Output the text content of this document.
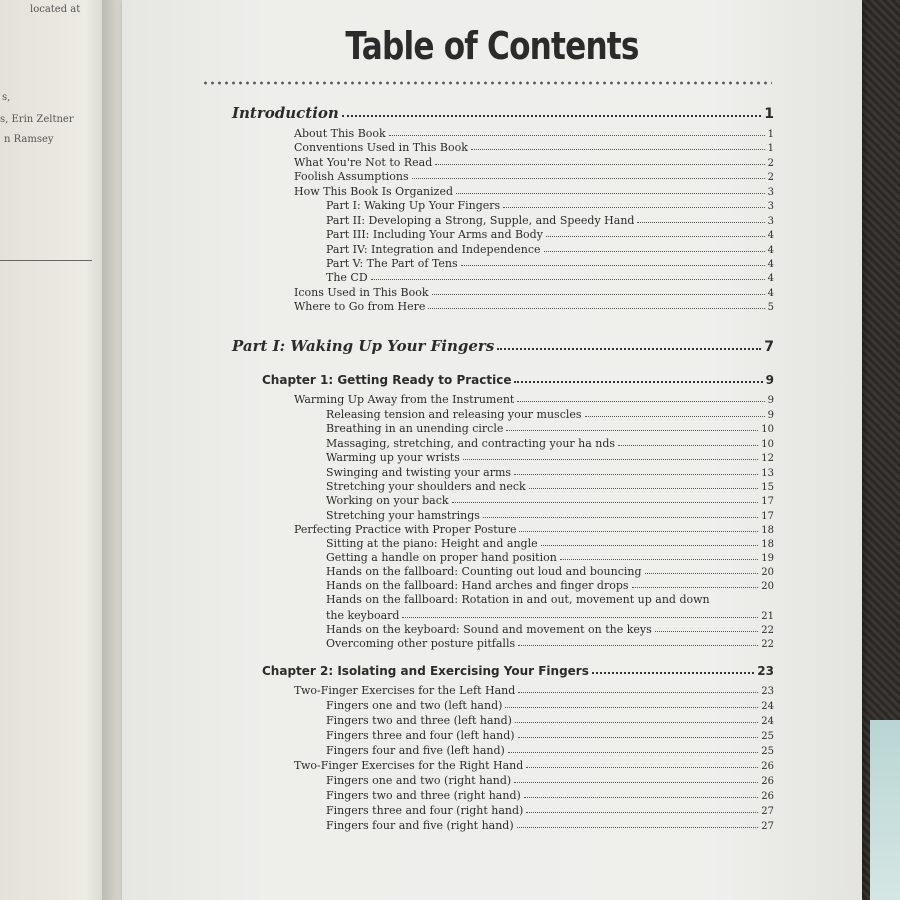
located at
s,
s, Erin Zeltner
n Ramsey
Table of Contents
Introduction	1
About This Book	1
Conventions Used in This Book	1
What You're Not to Read	2
Foolish Assumptions	2
How This Book Is Organized	3
Part I: Waking Up Your Fingers	3
Part II: Developing a Strong, Supple, and Speedy Hand	3
Part III: Including Your Arms and Body	4
Part IV: Integration and Independence	4
Part V: The Part of Tens	4
The CD	4
Icons Used in This Book	4
Where to Go from Here	5
Part I: Waking Up Your Fingers	7
Chapter 1: Getting Ready to Practice	9
Warming Up Away from the Instrument	9
Releasing tension and releasing your muscles	9
Breathing in an unending circle	10
Massaging, stretching, and contracting your ha nds	10
Warming up your wrists	12
Swinging and twisting your arms	13
Stretching your shoulders and neck	15
Working on your back	17
Stretching your hamstrings	17
Perfecting Practice with Proper Posture	18
Sitting at the piano: Height and angle	18
Getting a handle on proper hand position	19
Hands on the fallboard: Counting out loud and bouncing	20
Hands on the fallboard: Hand arches and finger drops	20
Hands on the fallboard: Rotation in and out, movement up and down
the keyboard	21
Hands on the keyboard: Sound and movement on the keys	22
Overcoming other posture pitfalls	22
Chapter 2: Isolating and Exercising Your Fingers	23
Two-Finger Exercises for the Left Hand	23
Fingers one and two (left hand)	24
Fingers two and three (left hand)	24
Fingers three and four (left hand)	25
Fingers four and five (left hand)	25
Two-Finger Exercises for the Right Hand	26
Fingers one and two (right hand)	26
Fingers two and three (right hand)	26
Fingers three and four (right hand)	27
Fingers four and five (right hand)	27
